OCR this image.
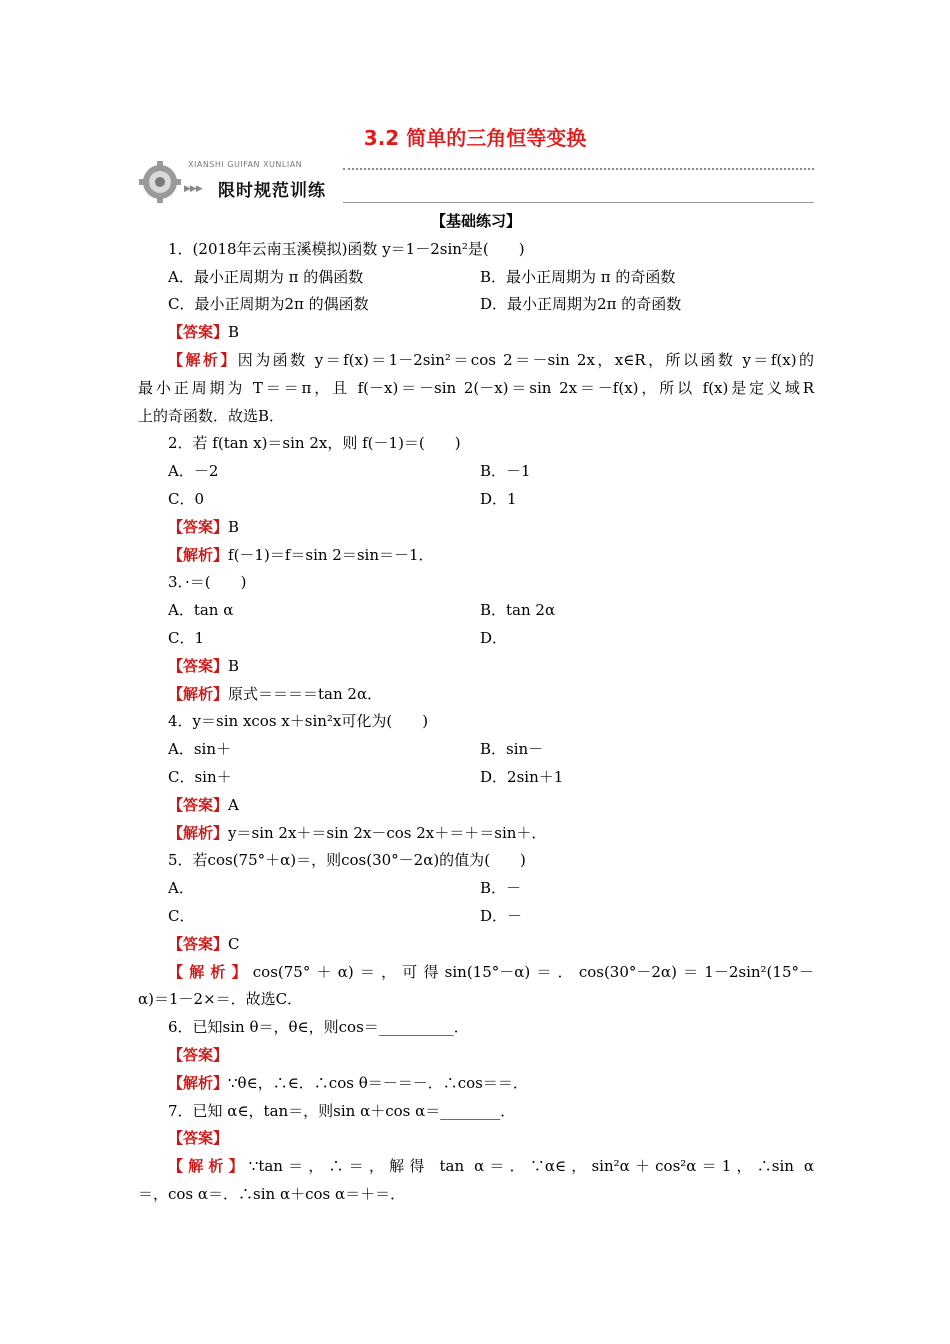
3.2 简单的三角恒等变换
XIANSHI GUIFAN XUNLIAN
▶▶▶ 限时规范训练
【基础练习】
1．(2018年云南玉溪模拟)函数 y＝1－2sin²是(　　)
A．最小正周期为 π 的偶函数	B．最小正周期为 π 的奇函数
C．最小正周期为2π 的偶函数	D．最小正周期为2π 的奇函数
【答案】B
【解析】因为函数 y＝f(x)＝1－2sin²＝cos 2＝－sin 2x，x∈R，所以函数 y＝f(x)的
最小正周期为 T＝＝π，且 f(－x)＝－sin 2(－x)＝sin 2x＝－f(x)，所以 f(x)是定义域R
上的奇函数．故选B．
2．若 f(tan x)＝sin 2x，则 f(－1)＝(　　)
A．－2	B．－1
C．0	D．1
【答案】B
【解析】f(－1)＝f＝sin 2＝sin＝－1．
3．·＝(　　)
A．tan α	B．tan 2α
C．1	D．
【答案】B
【解析】原式＝＝＝＝tan 2α．
4．y＝sin xcos x＋sin²x可化为(　　)
A．sin＋	B．sin－
C．sin＋	D．2sin＋1
【答案】A
【解析】y＝sin 2x＋＝sin 2x－cos 2x＋＝＋＝sin＋．
5．若cos(75°＋α)＝，则cos(30°－2α)的值为(　　)
A．	B．－
C．	D．－
【答案】C
【解析】cos(75°＋α)＝，可得sin(15°－α)＝．cos(30°－2α)＝1－2sin²(15°－
α)＝1－2×＝．故选C．
6．已知sin θ＝，θ∈，则cos＝__________．
【答案】
【解析】∵θ∈，∴∈．∴cos θ＝－＝－．∴cos＝＝．
7．已知 α∈，tan＝，则sin α＋cos α＝________．
【答案】
【解析】∵tan＝，∴＝，解得 tan α＝．∵α∈，sin²α＋cos²α＝1，∴sin α
＝，cos α＝．∴sin α＋cos α＝＋＝．
